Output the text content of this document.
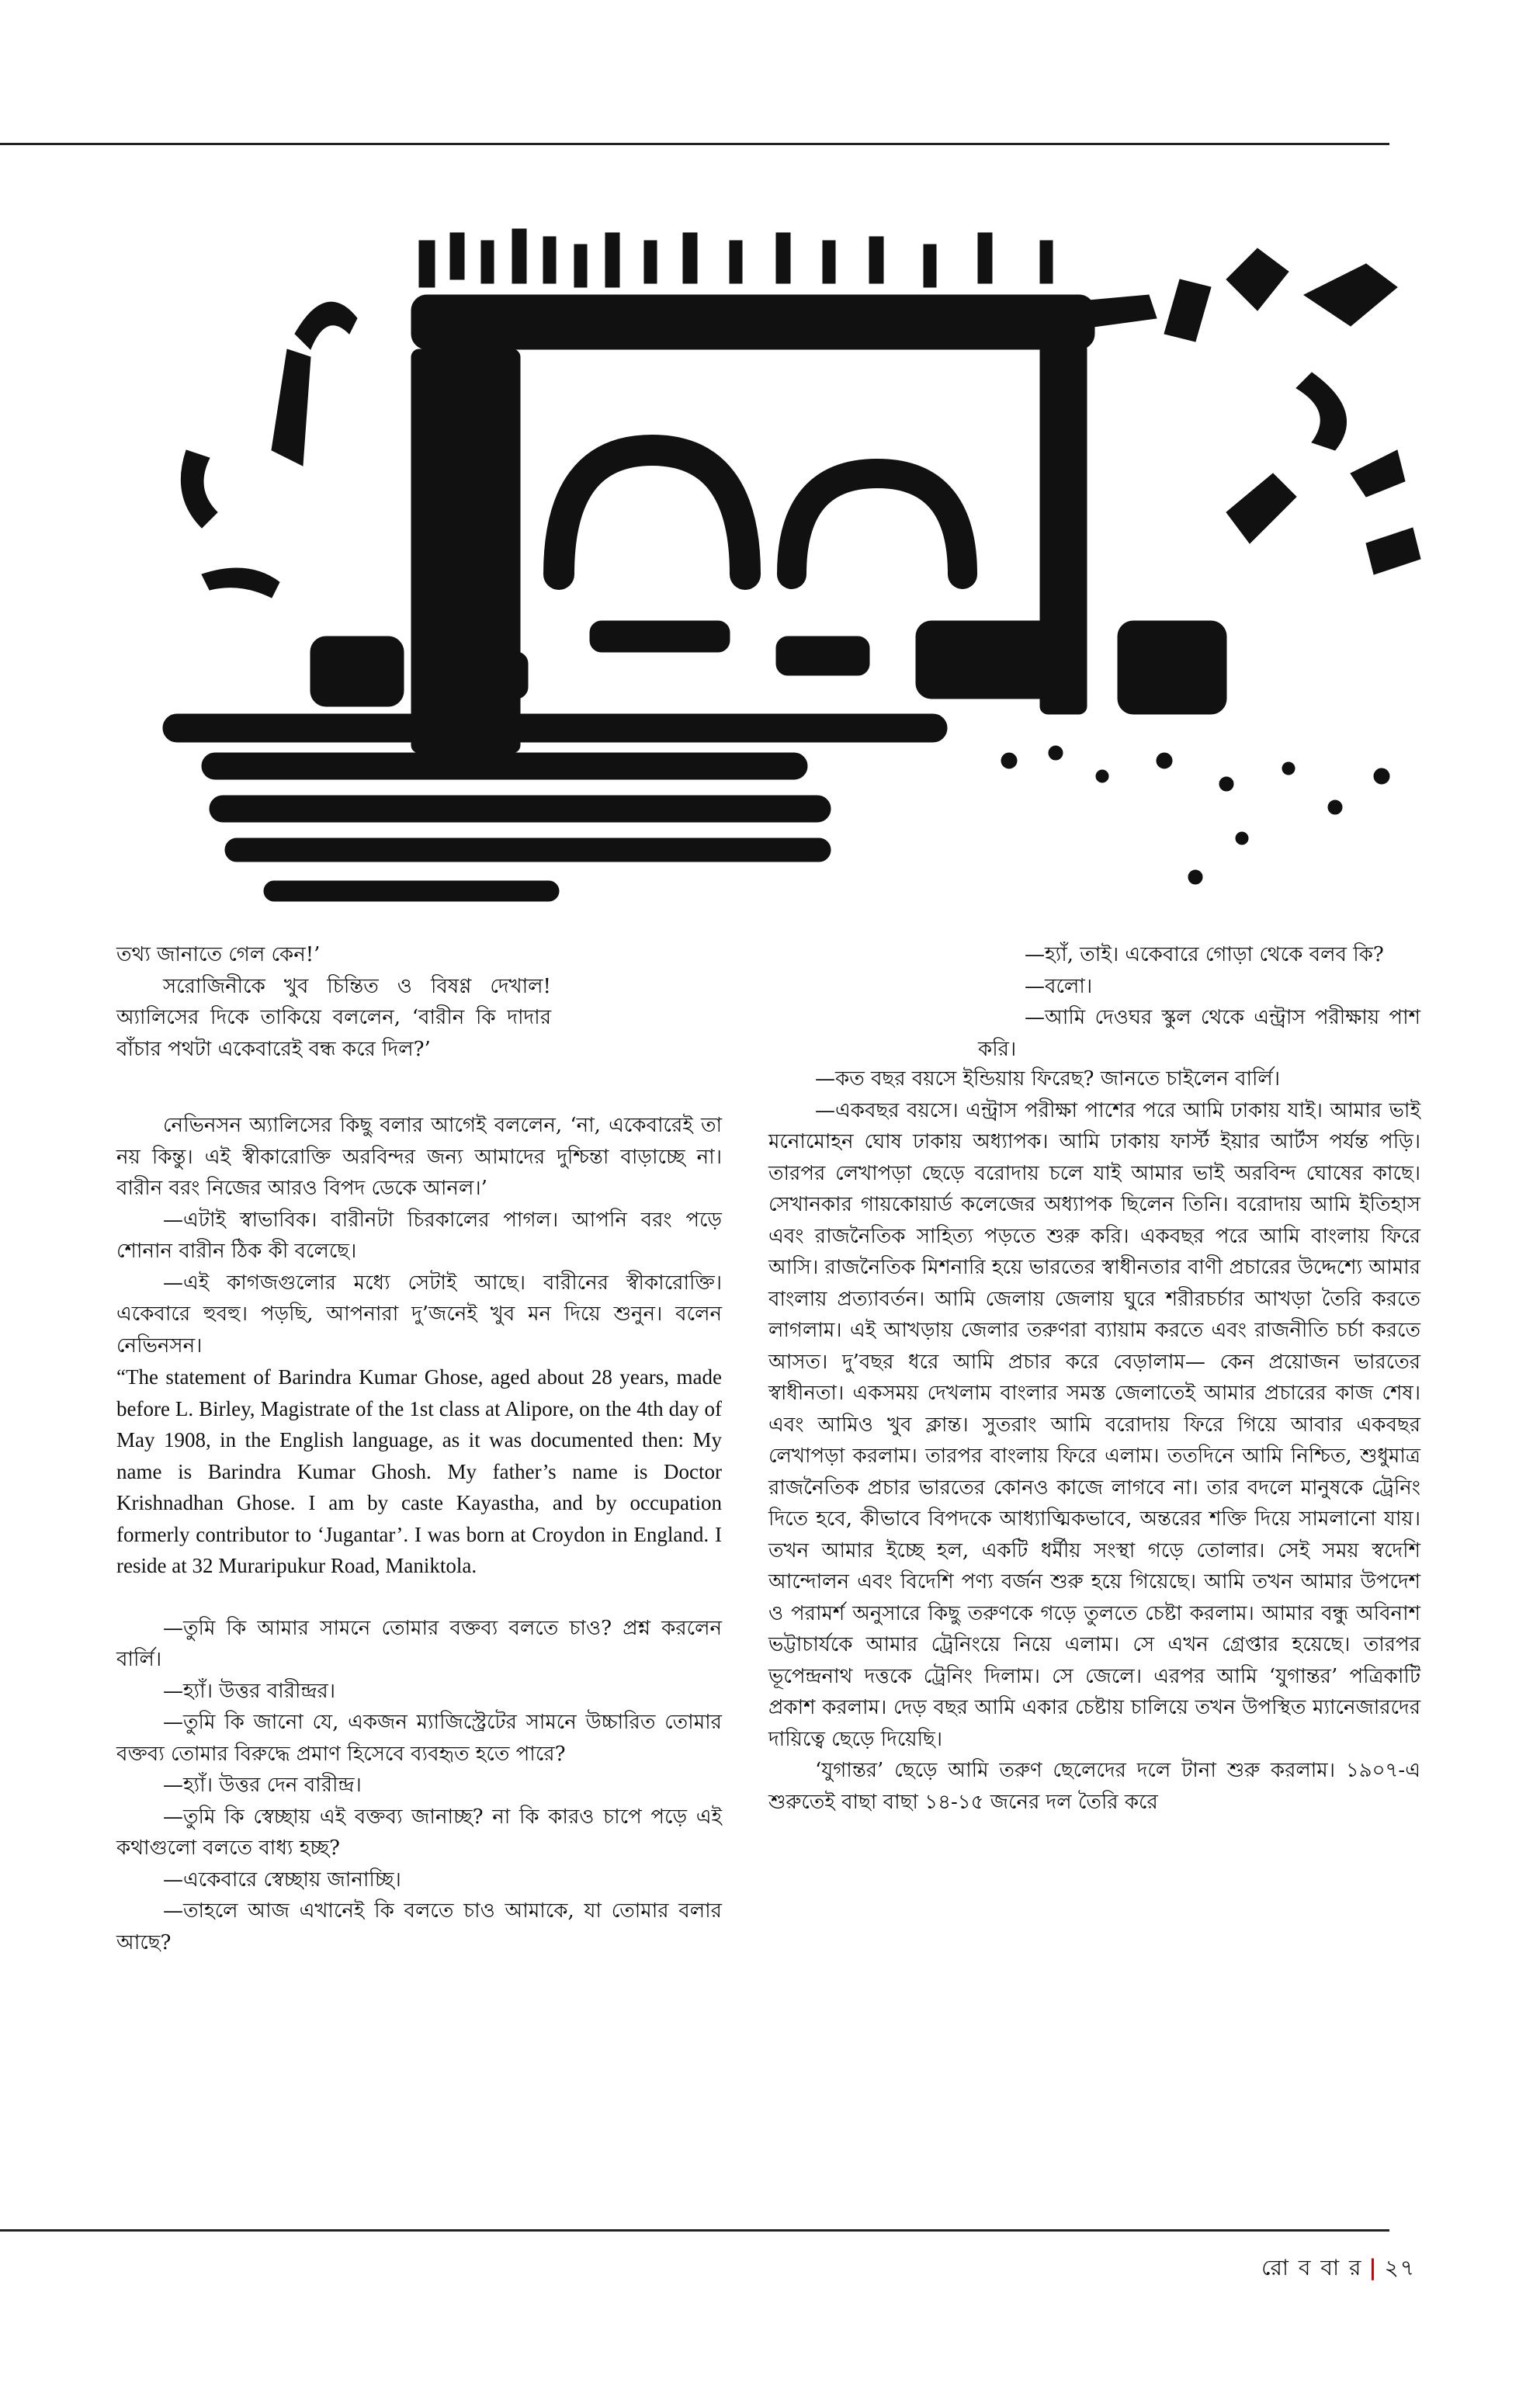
তথ্য জানাতে গেল কেন!’

সরোজিনীকে খুব চিন্তিত ও বিষণ্ণ দেখাল! অ্যালিসের দিকে তাকিয়ে বললেন, ‘বারীন কি দাদার বাঁচার পথটা একেবারেই বন্ধ করে দিল?’

নেভিনসন অ্যালিসের কিছু বলার আগেই বললেন, ‘না, একেবারেই তা নয় কিন্তু। এই স্বীকারোক্তি অরবিন্দর জন্য আমাদের দুশ্চিন্তা বাড়াচ্ছে না। বারীন বরং নিজের আরও বিপদ ডেকে আনল।’

—এটাই স্বাভাবিক। বারীনটা চিরকালের পাগল। আপনি বরং পড়ে শোনান বারীন ঠিক কী বলেছে।

—এই কাগজগুলোর মধ্যে সেটাই আছে। বারীনের স্বীকারোক্তি। একেবারে হুবহু। পড়ছি, আপনারা দু’জনেই খুব মন দিয়ে শুনুন। বলেন নেভিনসন।

“The statement of Barindra Kumar Ghose, aged about 28 years, made before L. Birley, Magistrate of the 1st class at Alipore, on the 4th day of May 1908, in the English language, as it was documented then: My name is Barindra Kumar Ghosh. My father’s name is Doctor Krishnadhan Ghose. I am by caste Kayastha, and by occupation formerly contributor to ‘Jugantar’. I was born at Croydon in England. I reside at 32 Muraripukur Road, Maniktola.

—তুমি কি আমার সামনে তোমার বক্তব্য বলতে চাও? প্রশ্ন করলেন বার্লি।

—হ্যাঁ। উত্তর বারীন্দ্রর।

—তুমি কি জানো যে, একজন ম্যাজিস্ট্রেটের সামনে উচ্চারিত তোমার বক্তব্য তোমার বিরুদ্ধে প্রমাণ হিসেবে ব্যবহৃত হতে পারে?

—হ্যাঁ। উত্তর দেন বারীন্দ্র।

—তুমি কি স্বেচ্ছায় এই বক্তব্য জানাচ্ছ? না কি কারও চাপে পড়ে এই কথাগুলো বলতে বাধ্য হচ্ছ?

—একেবারে স্বেচ্ছায় জানাচ্ছি।

—তাহলে আজ এখানেই কি বলতে চাও আমাকে, যা তোমার বলার আছে?

—হ্যাঁ, তাই। একেবারে গোড়া থেকে বলব কি?

—বলো।

—আমি দেওঘর স্কুল থেকে এন্ট্রাস পরীক্ষায় পাশ করি।

—কত বছর বয়সে ইন্ডিয়ায় ফিরেছ? জানতে চাইলেন বার্লি।

—একবছর বয়সে। এন্ট্রাস পরীক্ষা পাশের পরে আমি ঢাকায় যাই। আমার ভাই মনোমোহন ঘোষ ঢাকায় অধ্যাপক। আমি ঢাকায় ফার্স্ট ইয়ার আর্টস পর্যন্ত পড়ি। তারপর লেখাপড়া ছেড়ে বরোদায় চলে যাই আমার ভাই অরবিন্দ ঘোষের কাছে। সেখানকার গায়কোয়ার্ড কলেজের অধ্যাপক ছিলেন তিনি। বরোদায় আমি ইতিহাস এবং রাজনৈতিক সাহিত্য পড়তে শুরু করি। একবছর পরে আমি বাংলায় ফিরে আসি। রাজনৈতিক মিশনারি হয়ে ভারতের স্বাধীনতার বাণী প্রচারের উদ্দেশ্যে আমার বাংলায় প্রত্যাবর্তন। আমি জেলায় জেলায় ঘুরে শরীরচর্চার আখড়া তৈরি করতে লাগলাম। এই আখড়ায় জেলার তরুণরা ব্যায়াম করতে এবং রাজনীতি চর্চা করতে আসত। দু’বছর ধরে আমি প্রচার করে বেড়ালাম— কেন প্রয়োজন ভারতের স্বাধীনতা। একসময় দেখলাম বাংলার সমস্ত জেলাতেই আমার প্রচারের কাজ শেষ। এবং আমিও খুব ক্লান্ত। সুতরাং আমি বরোদায় ফিরে গিয়ে আবার একবছর লেখাপড়া করলাম। তারপর বাংলায় ফিরে এলাম। ততদিনে আমি নিশ্চিত, শুধুমাত্র রাজনৈতিক প্রচার ভারতের কোনও কাজে লাগবে না। তার বদলে মানুষকে ট্রেনিং দিতে হবে, কীভাবে বিপদকে আধ্যাত্মিকভাবে, অন্তরের শক্তি দিয়ে সামলানো যায়। তখন আমার ইচ্ছে হল, একটি ধর্মীয় সংস্থা গড়ে তোলার। সেই সময় স্বদেশি আন্দোলন এবং বিদেশি পণ্য বর্জন শুরু হয়ে গিয়েছে। আমি তখন আমার উপদেশ ও পরামর্শ অনুসারে কিছু তরুণকে গড়ে তুলতে চেষ্টা করলাম। আমার বন্ধু অবিনাশ ভট্টাচার্যকে আমার ট্রেনিংয়ে নিয়ে এলাম। সে এখন গ্রেপ্তার হয়েছে। তারপর ভূপেন্দ্রনাথ দত্তকে ট্রেনিং দিলাম। সে জেলে। এরপর আমি ‘যুগান্তর’ পত্রিকাটি প্রকাশ করলাম। দেড় বছর আমি একার চেষ্টায় চালিয়ে তখন উপস্থিত ম্যানেজারদের দায়িত্বে ছেড়ে দিয়েছি।

‘যুগান্তর’ ছেড়ে আমি তরুণ ছেলেদের দলে টানা শুরু করলাম। ১৯০৭-এ শুরুতেই বাছা বাছা ১৪-১৫ জনের দল তৈরি করে

রো ব বা র | ২৭
